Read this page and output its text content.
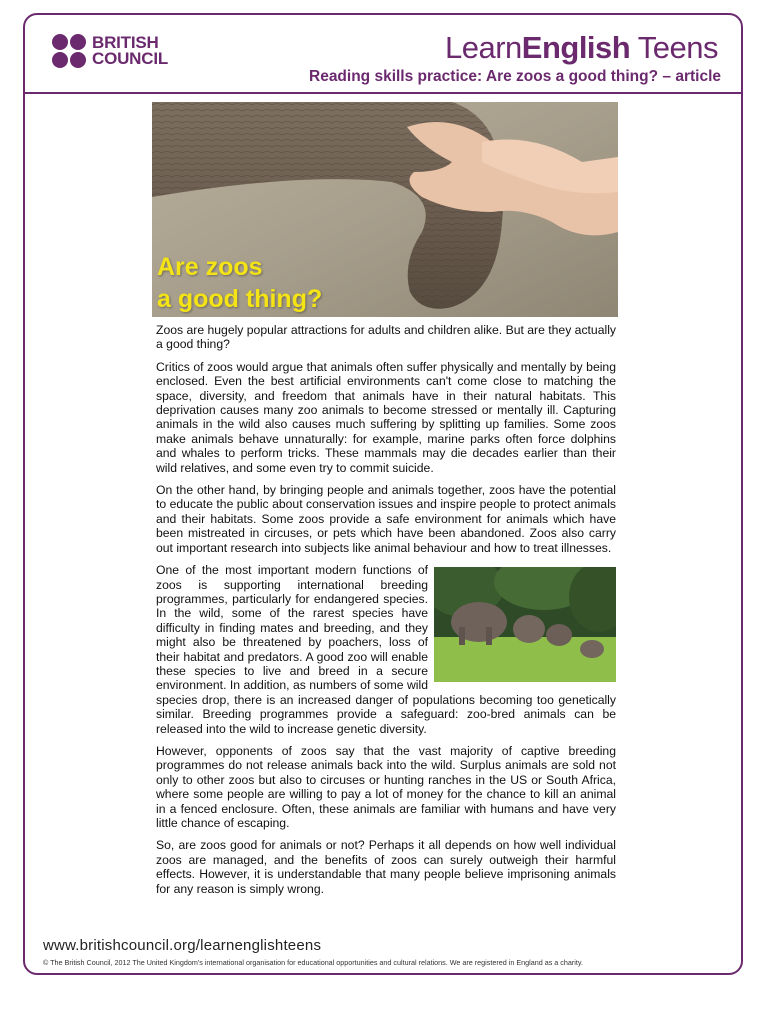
BRITISH
COUNCIL	LearnEnglish Teens
Reading skills practice: Are zoos a good thing? – article
Are zoos
a good thing?

Zoos are hugely popular attractions for adults and children alike. But are they actually a good thing?

Critics of zoos would argue that animals often suffer physically and mentally by being enclosed. Even the best artificial environments can't come close to matching the space, diversity, and freedom that animals have in their natural habitats. This deprivation causes many zoo animals to become stressed or mentally ill. Capturing animals in the wild also causes much suffering by splitting up families. Some zoos make animals behave unnaturally: for example, marine parks often force dolphins and whales to perform tricks. These mammals may die decades earlier than their wild relatives, and some even try to commit suicide.

On the other hand, by bringing people and animals together, zoos have the potential to educate the public about conservation issues and inspire people to protect animals and their habitats. Some zoos provide a safe environment for animals which have been mistreated in circuses, or pets which have been abandoned. Zoos also carry out important research into subjects like animal behaviour and how to treat illnesses.

One of the most important modern functions of zoos is supporting international breeding programmes, particularly for endangered species. In the wild, some of the rarest species have difficulty in finding mates and breeding, and they might also be threatened by poachers, loss of their habitat and predators. A good zoo will enable these species to live and breed in a secure environment. In addition, as numbers of some wild species drop, there is an increased danger of populations becoming too genetically similar. Breeding programmes provide a safeguard: zoo-bred animals can be released into the wild to increase genetic diversity.

However, opponents of zoos say that the vast majority of captive breeding programmes do not release animals back into the wild. Surplus animals are sold not only to other zoos but also to circuses or hunting ranches in the US or South Africa, where some people are willing to pay a lot of money for the chance to kill an animal in a fenced enclosure. Often, these animals are familiar with humans and have very little chance of escaping.

So, are zoos good for animals or not? Perhaps it all depends on how well individual zoos are managed, and the benefits of zoos can surely outweigh their harmful effects. However, it is understandable that many people believe imprisoning animals for any reason is simply wrong.

www.britishcouncil.org/learnenglishteens
© The British Council, 2012 The United Kingdom's international organisation for educational opportunities and cultural relations. We are registered in England as a charity.
